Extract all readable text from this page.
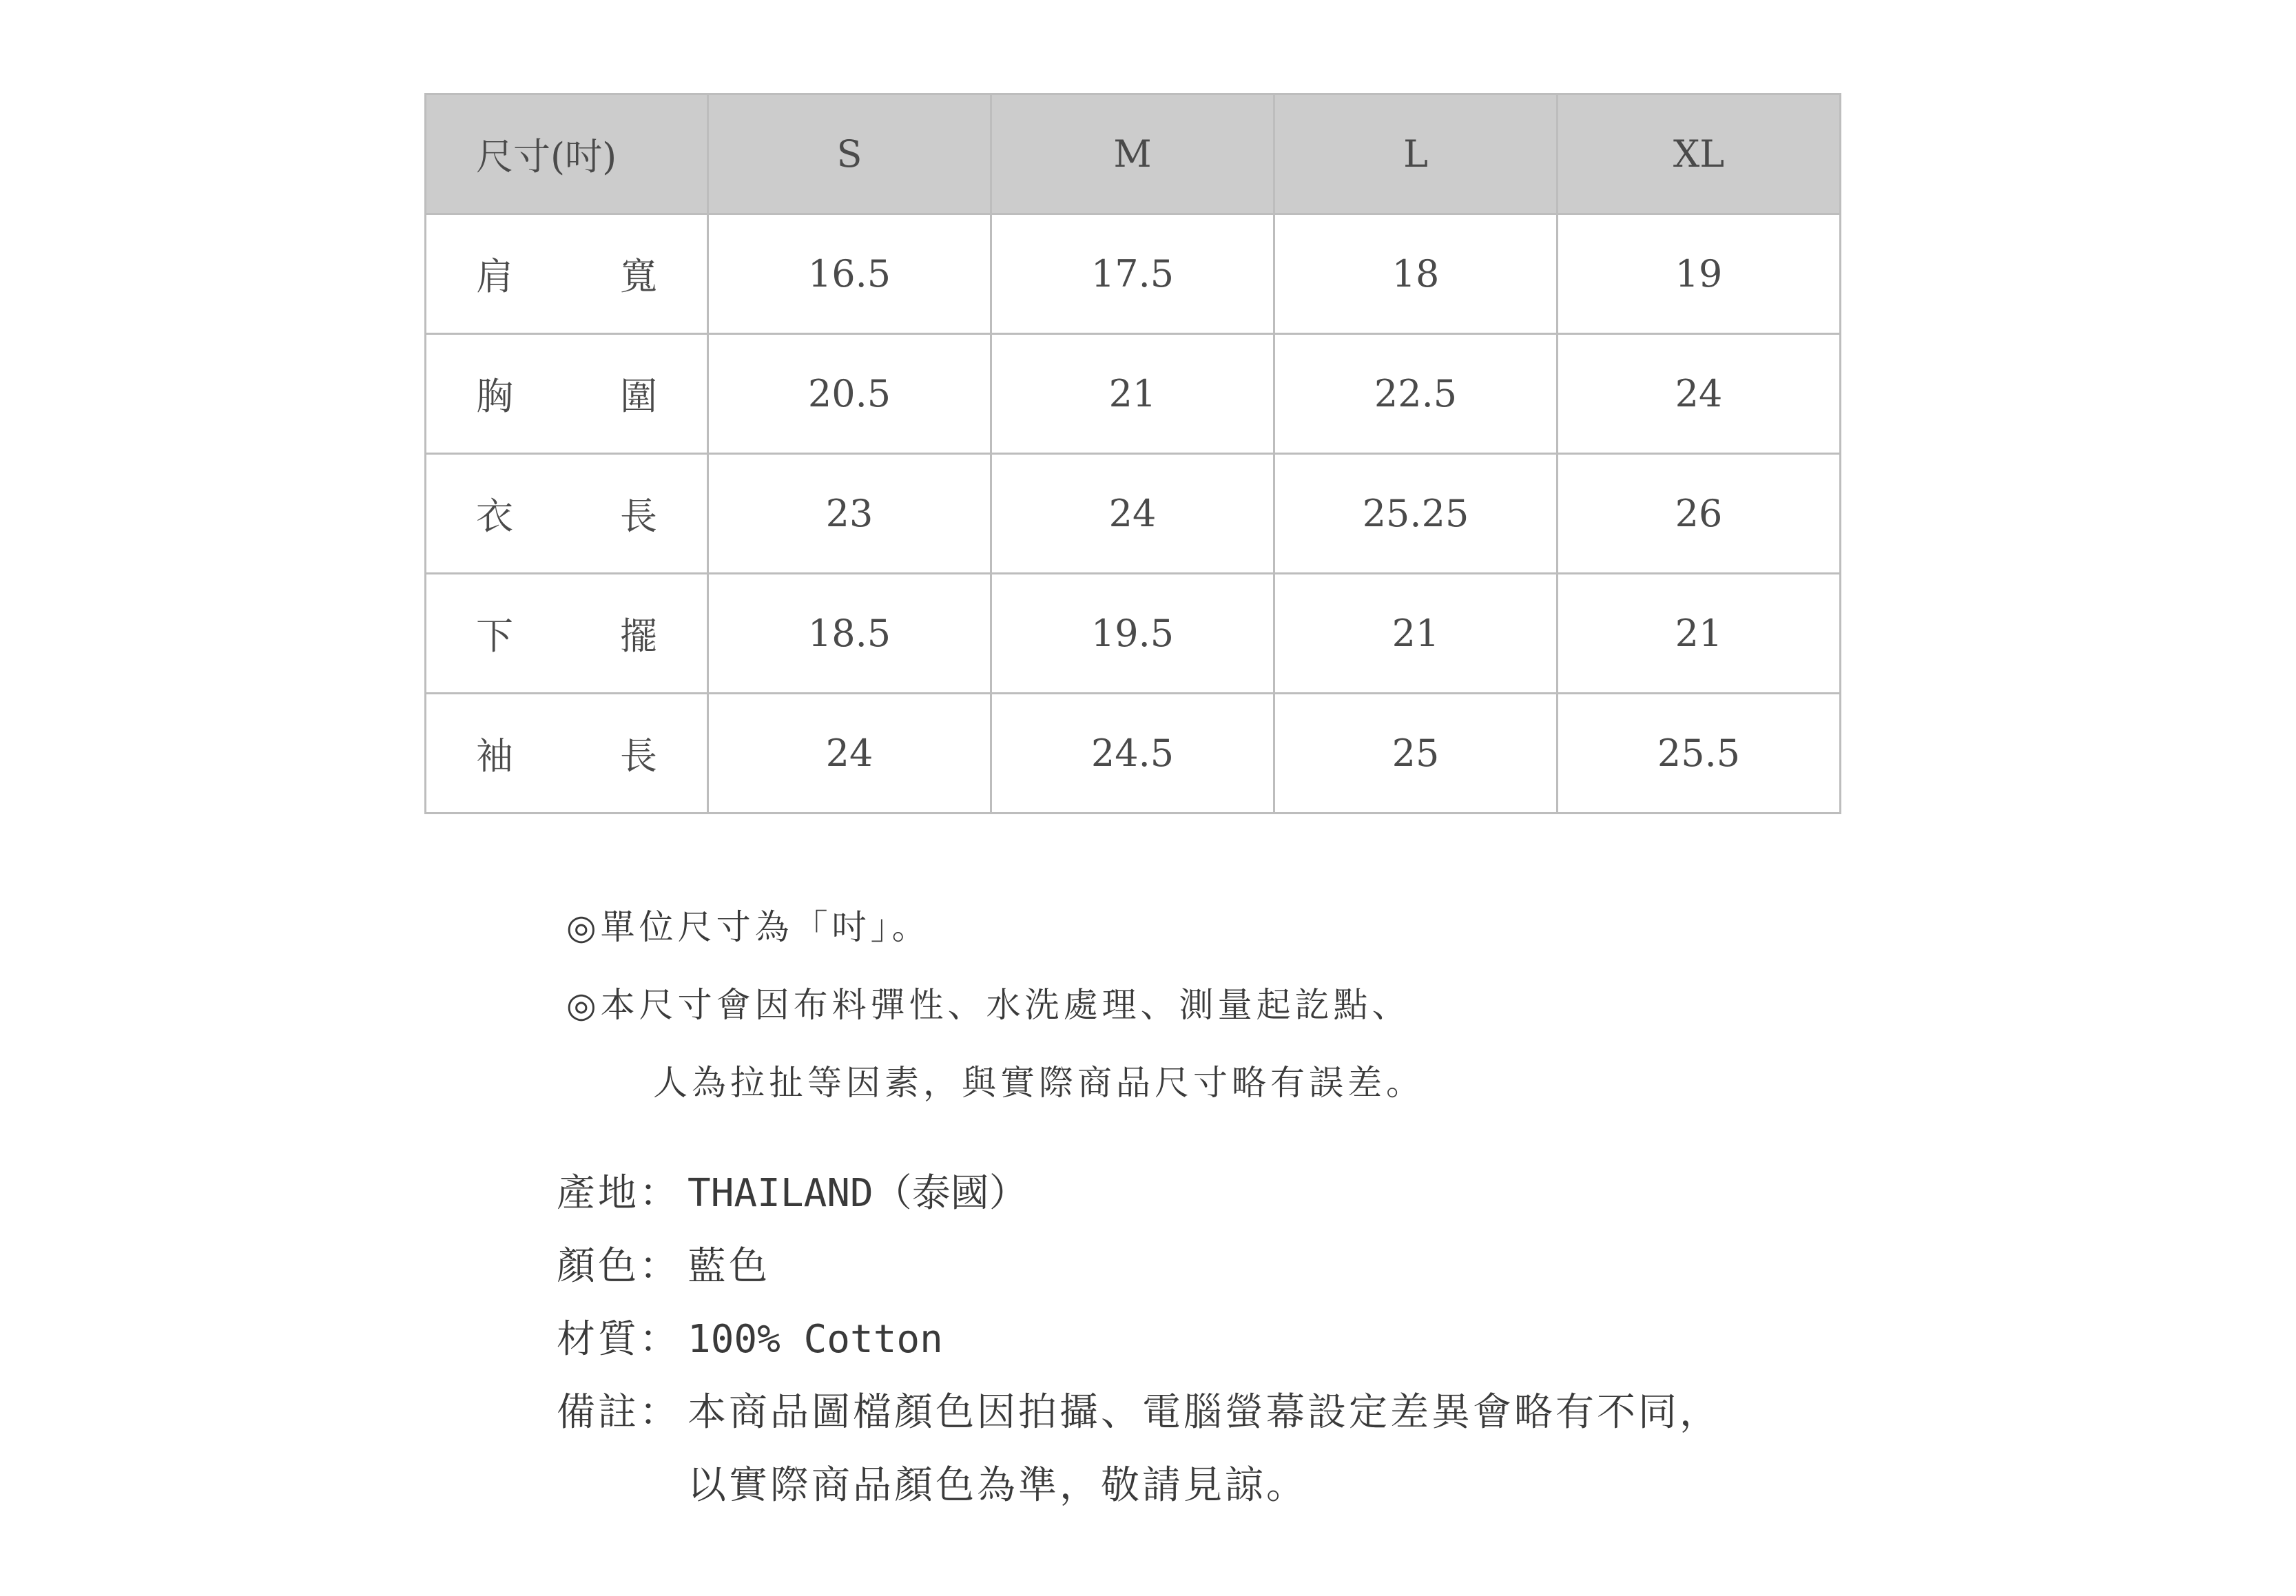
尺寸(吋)	S	M	L	XL

肩 寬	16.5	17.5	18	19

胸 圍	20.5	21	22.5	24

衣 長	23	24	25.25	26

下 擺	18.5	19.5	21	21

袖 長	24	24.5	25	25.5
◎單位尺寸為「吋」。
◎本尺寸會因布料彈性、水洗處理、測量起訖點、
人為拉扯等因素，與實際商品尺寸略有誤差。
產地： THAILAND（泰國）
顏色： 藍色
材質： 100% Cotton
備註： 本商品圖檔顏色因拍攝、電腦螢幕設定差異會略有不同，
以實際商品顏色為準，敬請見諒。
